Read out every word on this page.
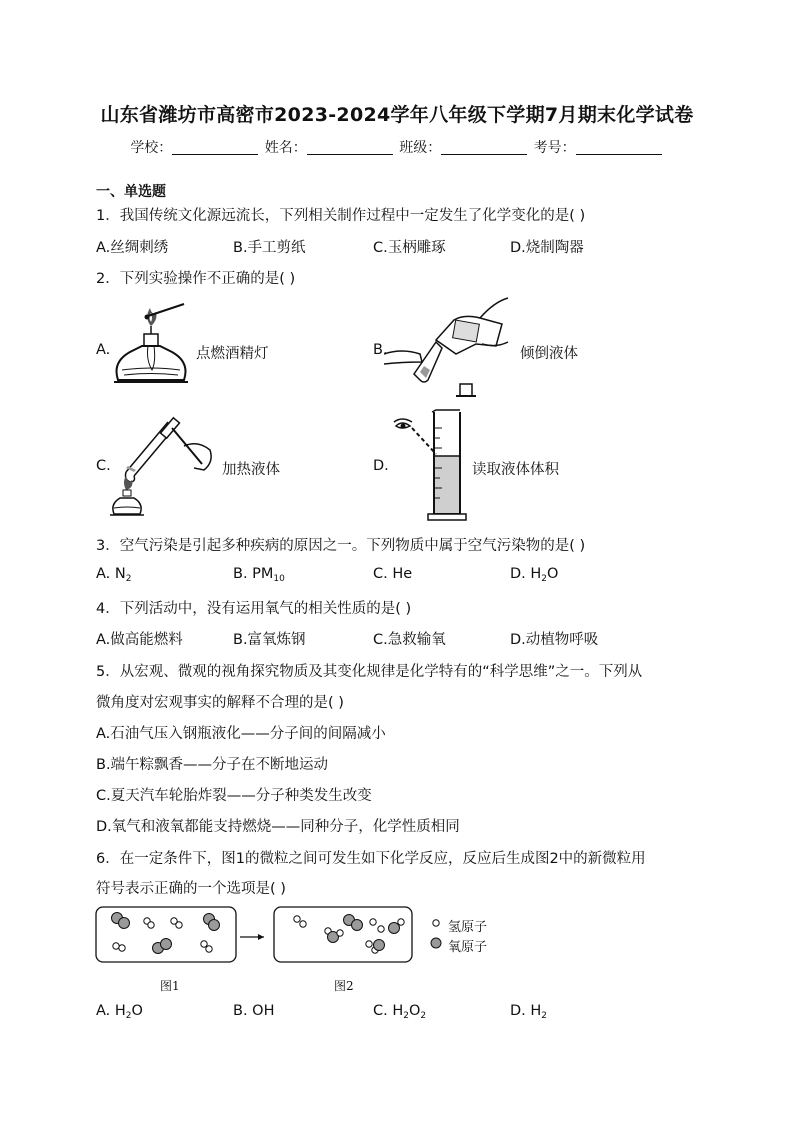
山东省潍坊市高密市2023-2024学年八年级下学期7月期末化学试卷
学校：	姓名：	班级：	考号：
一、单选题
1．我国传统文化源远流长，下列相关制作过程中一定发生了化学变化的是( )
A.丝绸刺绣	B.手工剪纸	C.玉柄雕琢	D.烧制陶器
2．下列实验操作不正确的是( )
A.	点燃酒精灯	B.	倾倒液体
C.	加热液体	D.	读取液体体积
3．空气污染是引起多种疾病的原因之一。下列物质中属于空气污染物的是( )
A. $N_2$	B. $PM_{10}$	C. He	D. $H_2O$
4．下列活动中，没有运用氧气的相关性质的是( )
A.做高能燃料	B.富氧炼钢	C.急救输氧	D.动植物呼吸
5．从宏观、微观的视角探究物质及其变化规律是化学特有的“科学思维”之一。下列从
微角度对宏观事实的解释不合理的是( )
A.石油气压入钢瓶液化——分子间的间隔减小
B.端午粽飘香——分子在不断地运动
C.夏天汽车轮胎炸裂——分子种类发生改变
D.氧气和液氧都能支持燃烧——同种分子，化学性质相同
6．在一定条件下，图1的微粒之间可发生如下化学反应，反应后生成图2中的新微粒用
符号表示正确的一个选项是( )
图1	图2
氢原子
氧原子
A. $H_2O$	B. OH	C. $H_2O_2$	D. $H_2$
